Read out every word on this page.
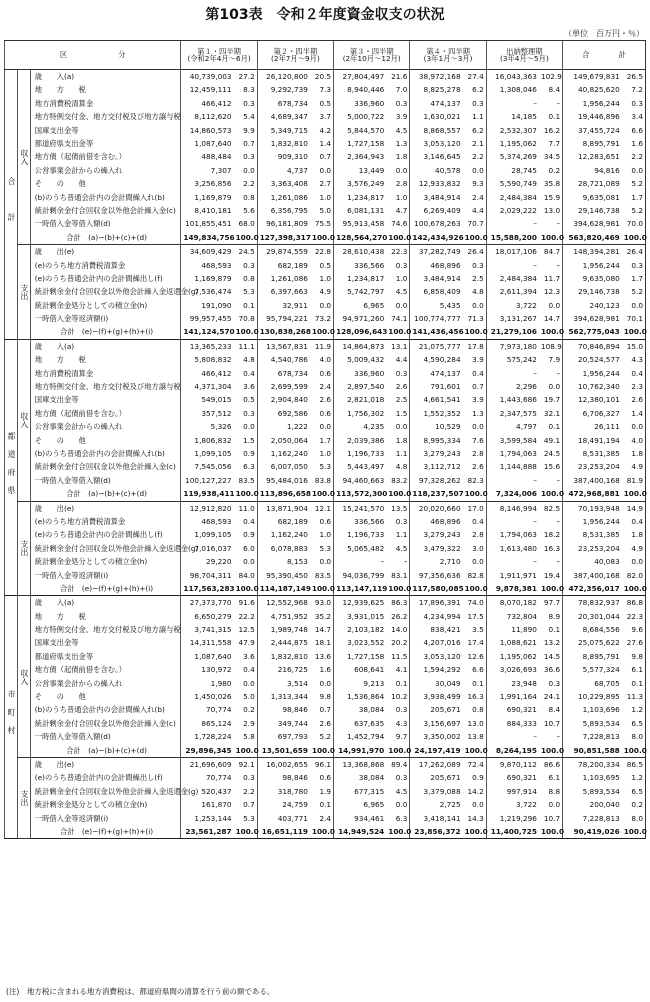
第103表　令和２年度資金収支の状況
（単位　百万円・％）
区　　　　　　　分			第１・四半期
(令和2年4月〜6月)		第２・四半期
(2年7月〜9月)		第３・四半期
(2年10月〜12月)		第４・四半期
(3年1月〜3月)		出納整理期
(3年4月〜5月)		合　　　　計	
合　計	収入	歳　　入(a)	40,739,003	27.2	26,120,800	20.5	27,804,497	21.6	38,972,168	27.4	16,043,363	102.9	149,679,831	26.5
		地　　方　　税	12,459,111	8.3	9,292,739	7.3	8,940,446	7.0	8,825,278	6.2	1,308,046	8.4	40,825,620	7.2
		地方消費税清算金	466,412	0.3	678,734	0.5	336,960	0.3	474,137	0.3	–	–	1,956,244	0.3
		地方特例交付金、地方交付税及び地方譲与税	8,112,620	5.4	4,689,347	3.7	5,000,722	3.9	1,630,021	1.1	14,185	0.1	19,446,896	3.4
		国庫支出金等	14,860,573	9.9	5,349,715	4.2	5,844,570	4.5	8,868,557	6.2	2,532,307	16.2	37,455,724	6.6
		都道府県支出金等	1,087,640	0.7	1,832,810	1.4	1,727,158	1.3	3,053,120	2.1	1,195,062	7.7	8,895,791	1.6
		地方債（起債前借を含む。）	488,484	0.3	909,310	0.7	2,364,943	1.8	3,146,645	2.2	5,374,269	34.5	12,283,651	2.2
		公営事業会計からの繰入れ	7,307	0.0	4,737	0.0	13,449	0.0	40,578	0.0	28,745	0.2	94,816	0.0
		そ　　の　　他	3,256,856	2.2	3,363,408	2.7	3,576,249	2.8	12,933,832	9.3	5,590,749	35.8	28,721,089	5.2
		(b)のうち普通会計内の会計間繰入れ(b)	1,169,879	0.8	1,261,086	1.0	1,234,817	1.0	3,484,914	2.4	2,484,384	15.9	9,635,081	1.7
		統計剰余金付合回収金以外他会計繰入金(c)	8,410,181	5.6	6,356,795	5.0	6,081,131	4.7	6,269,409	4.4	2,029,222	13.0	29,146,738	5.2
		一時借入金等借入額(d)	101,855,451	68.0	96,181,809	75.5	95,913,458	74.6	100,678,263	70.7	–	–	394,628,981	70.0
		合計　(a)−(b)+(c)+(d)	149,834,756	100.0	127,398,317	100.0	128,564,270	100.0	142,434,926	100.0	15,588,200	100.0	563,820,469	100.0
	支出	歳　　出(e)	34,609,429	24.5	29,874,559	22.8	28,610,438	22.3	37,282,749	26.4	18,017,106	84.7	148,394,281	26.4
		(e)のうち地方消費税清算金	468,593	0.3	682,189	0.5	336,566	0.3	468,896	0.3	–	–	1,956,244	0.3
		(e)のうち普通会計内の会計間繰出し(f)	1,169,879	0.8	1,261,086	1.0	1,234,817	1.0	3,484,914	2.5	2,484,384	11.7	9,635,080	1.7
		統計剰余金付合回収金以外他会計繰入金返還金(g)	7,536,474	5.3	6,397,663	4.9	5,742,797	4.5	6,858,409	4.8	2,611,394	12.3	29,146,738	5.2
		統計剰余金処分としての積立金(h)	191,090	0.1	32,911	0.0	6,965	0.0	5,435	0.0	3,722	0.0	240,123	0.0
		一時借入金等返済額(i)	99,957,455	70.8	95,794,221	73.2	94,971,260	74.1	100,774,777	71.3	3,131,267	14.7	394,628,981	70.1
		合計　(e)−(f)+(g)+(h)+(i)	141,124,570	100.0	130,838,268	100.0	128,096,643	100.0	141,436,456	100.0	21,279,106	100.0	562,775,043	100.0
都道府県	収入	歳　　入(a)	13,365,233	11.1	13,567,831	11.9	14,864,873	13.1	21,075,777	17.8	7,973,180	108.9	70,846,894	15.0
		地　　方　　税	5,808,832	4.8	4,540,786	4.0	5,009,432	4.4	4,590,284	3.9	575,242	7.9	20,524,577	4.3
		地方消費税清算金	466,412	0.4	678,734	0.6	336,960	0.3	474,137	0.4	–	–	1,956,244	0.4
		地方特例交付金、地方交付税及び地方譲与税	4,371,304	3.6	2,699,599	2.4	2,897,540	2.6	791,601	0.7	2,296	0.0	10,762,340	2.3
		国庫支出金等	549,015	0.5	2,904,840	2.6	2,821,018	2.5	4,661,541	3.9	1,443,686	19.7	12,380,101	2.6
		地方債（起債前借を含む。）	357,512	0.3	692,586	0.6	1,756,302	1.5	1,552,352	1.3	2,347,575	32.1	6,706,327	1.4
		公営事業会計からの繰入れ	5,326	0.0	1,222	0.0	4,235	0.0	10,529	0.0	4,797	0.1	26,111	0.0
		そ　　の　　他	1,806,832	1.5	2,050,064	1.7	2,039,386	1.8	8,995,334	7.6	3,599,584	49.1	18,491,194	4.0
		(b)のうち普通会計内の会計間繰入れ(b)	1,099,105	0.9	1,162,240	1.0	1,196,733	1.1	3,279,243	2.8	1,794,063	24.5	8,531,385	1.8
		統計剰余金付合回収金以外他会計繰入金(c)	7,545,056	6.3	6,007,050	5.3	5,443,497	4.8	3,112,712	2.6	1,144,888	15.6	23,253,204	4.9
		一時借入金等借入額(d)	100,127,227	83.5	95,484,016	83.8	94,460,663	83.2	97,328,262	82.3	–	–	387,400,168	81.9
		合計　(a)−(b)+(c)+(d)	119,938,411	100.0	113,896,658	100.0	113,572,300	100.0	118,237,507	100.0	7,324,006	100.0	472,968,881	100.0
	支出	歳　　出(e)	12,912,820	11.0	13,871,904	12.1	15,241,570	13.5	20,020,660	17.0	8,146,994	82.5	70,193,948	14.9
		(e)のうち地方消費税清算金	468,593	0.4	682,189	0.6	336,566	0.3	468,896	0.4	–	–	1,956,244	0.4
		(e)のうち普通会計内の会計間繰出し(f)	1,099,105	0.9	1,162,240	1.0	1,196,733	1.1	3,279,243	2.8	1,794,063	18.2	8,531,385	1.8
		統計剰余金付合回収金以外他会計繰入金返還金(g)	7,016,037	6.0	6,078,883	5.3	5,065,482	4.5	3,479,322	3.0	1,613,480	16.3	23,253,204	4.9
		統計剰余金処分としての積立金(h)	29,220	0.0	8,153	0.0	–	–	2,710	0.0	–	–	40,083	0.0
		一時借入金等返済額(i)	98,704,311	84.0	95,390,450	83.5	94,036,799	83.1	97,356,636	82.8	1,911,971	19.4	387,400,168	82.0
		合計　(e)−(f)+(g)+(h)+(i)	117,563,283	100.0	114,187,149	100.0	113,147,119	100.0	117,580,085	100.0	9,878,381	100.0	472,356,017	100.0
市町村	収入	歳　　入(a)	27,373,770	91.6	12,552,968	93.0	12,939,625	86.3	17,896,391	74.0	8,070,182	97.7	78,832,937	86.8
		地　　方　　税	6,650,279	22.2	4,751,952	35.2	3,931,015	26.2	4,234,994	17.5	732,804	8.9	20,301,044	22.3
		地方特例交付金、地方交付税及び地方譲与税	3,741,315	12.5	1,989,748	14.7	2,103,182	14.0	838,421	3.5	11,890	0.1	8,684,556	9.6
		国庫支出金等	14,311,558	47.9	2,444,875	18.1	3,023,552	20.2	4,207,016	17.4	1,088,621	13.2	25,075,622	27.6
		都道府県支出金等	1,087,640	3.6	1,832,810	13.6	1,727,158	11.5	3,053,120	12.6	1,195,062	14.5	8,895,791	9.8
		地方債（起債前借を含む。）	130,972	0.4	216,725	1.6	608,641	4.1	1,594,292	6.6	3,026,693	36.6	5,577,324	6.1
		公営事業会計からの繰入れ	1,980	0.0	3,514	0.0	9,213	0.1	30,049	0.1	23,948	0.3	68,705	0.1
		そ　　の　　他	1,450,026	5.0	1,313,344	9.8	1,536,864	10.2	3,938,499	16.3	1,991,164	24.1	10,229,895	11.3
		(b)のうち普通会計内の会計間繰入れ(b)	70,774	0.2	98,846	0.7	38,084	0.3	205,671	0.8	690,321	8.4	1,103,696	1.2
		統計剰余金付合回収金以外他会計繰入金(c)	865,124	2.9	349,744	2.6	637,635	4.3	3,156,697	13.0	884,333	10.7	5,893,534	6.5
		一時借入金等借入額(d)	1,728,224	5.8	697,793	5.2	1,452,794	9.7	3,350,002	13.8	–	–	7,228,813	8.0
		合計　(a)−(b)+(c)+(d)	29,896,345	100.0	13,501,659	100.0	14,991,970	100.0	24,197,419	100.0	8,264,195	100.0	90,851,588	100.0
	支出	歳　　出(e)	21,696,609	92.1	16,002,655	96.1	13,368,868	89.4	17,262,089	72.4	9,870,112	86.6	78,200,334	86.5
		(e)のうち普通会計内の会計間繰出し(f)	70,774	0.3	98,846	0.6	38,084	0.3	205,671	0.9	690,321	6.1	1,103,695	1.2
		統計剰余金付合回収金以外他会計繰入金返還金(g)	520,437	2.2	318,780	1.9	677,315	4.5	3,379,088	14.2	997,914	8.8	5,893,534	6.5
		統計剰余金処分としての積立金(h)	161,870	0.7	24,759	0.1	6,965	0.0	2,725	0.0	3,722	0.0	200,040	0.2
		一時借入金等返済額(i)	1,253,144	5.3	403,771	2.4	934,461	6.3	3,418,141	14.3	1,219,296	10.7	7,228,813	8.0
		合計　(e)−(f)+(g)+(h)+(i)	23,561,287	100.0	16,651,119	100.0	14,949,524	100.0	23,856,372	100.0	11,400,725	100.0	90,419,026	100.0
(注)　地方税に含まれる地方消費税は、都道府県間の清算を行う前の額である。
